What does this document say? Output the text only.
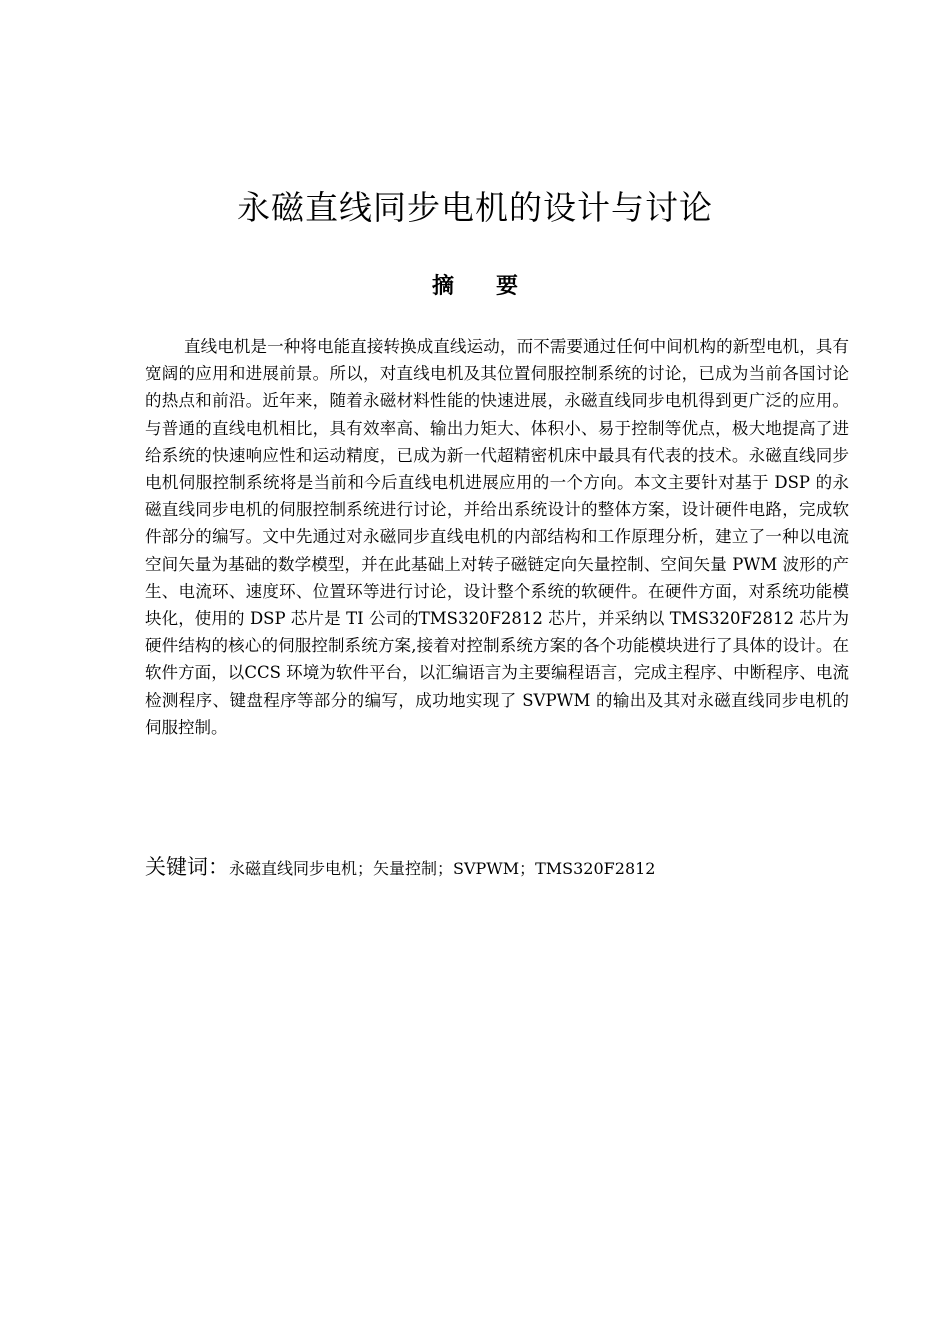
永磁直线同步电机的设计与讨论
摘 要

直线电机是一种将电能直接转换成直线运动，而不需要通过任何中间机构的新型电机，具有宽阔的应用和进展前景。所以，对直线电机及其位置伺服控制系统的讨论，已成为当前各国讨论的热点和前沿。近年来，随着永磁材料性能的快速进展，永磁直线同步电机得到更广泛的应用。与普通的直线电机相比，具有效率高、输出力矩大、体积小、易于控制等优点，极大地提高了进给系统的快速响应性和运动精度，已成为新一代超精密机床中最具有代表的技术。永磁直线同步电机伺服控制系统将是当前和今后直线电机进展应用的一个方向。本文主要针对基于 DSP 的永磁直线同步电机的伺服控制系统进行讨论，并给出系统设计的整体方案，设计硬件电路，完成软件部分的编写。文中先通过对永磁同步直线电机的内部结构和工作原理分析，建立了一种以电流空间矢量为基础的数学模型，并在此基础上对转子磁链定向矢量控制、空间矢量 PWM 波形的产生、电流环、速度环、位置环等进行讨论，设计整个系统的软硬件。在硬件方面，对系统功能模块化，使用的 DSP 芯片是 TI 公司的TMS320F2812 芯片，并采纳以 TMS320F2812 芯片为硬件结构的核心的伺服控制系统方案,接着对控制系统方案的各个功能模块进行了具体的设计。在软件方面，以CCS 环境为软件平台，以汇编语言为主要编程语言，完成主程序、中断程序、电流检测程序、键盘程序等部分的编写，成功地实现了 SVPWM 的输出及其对永磁直线同步电机的伺服控制。

关键词：永磁直线同步电机；矢量控制；SVPWM；TMS320F2812
